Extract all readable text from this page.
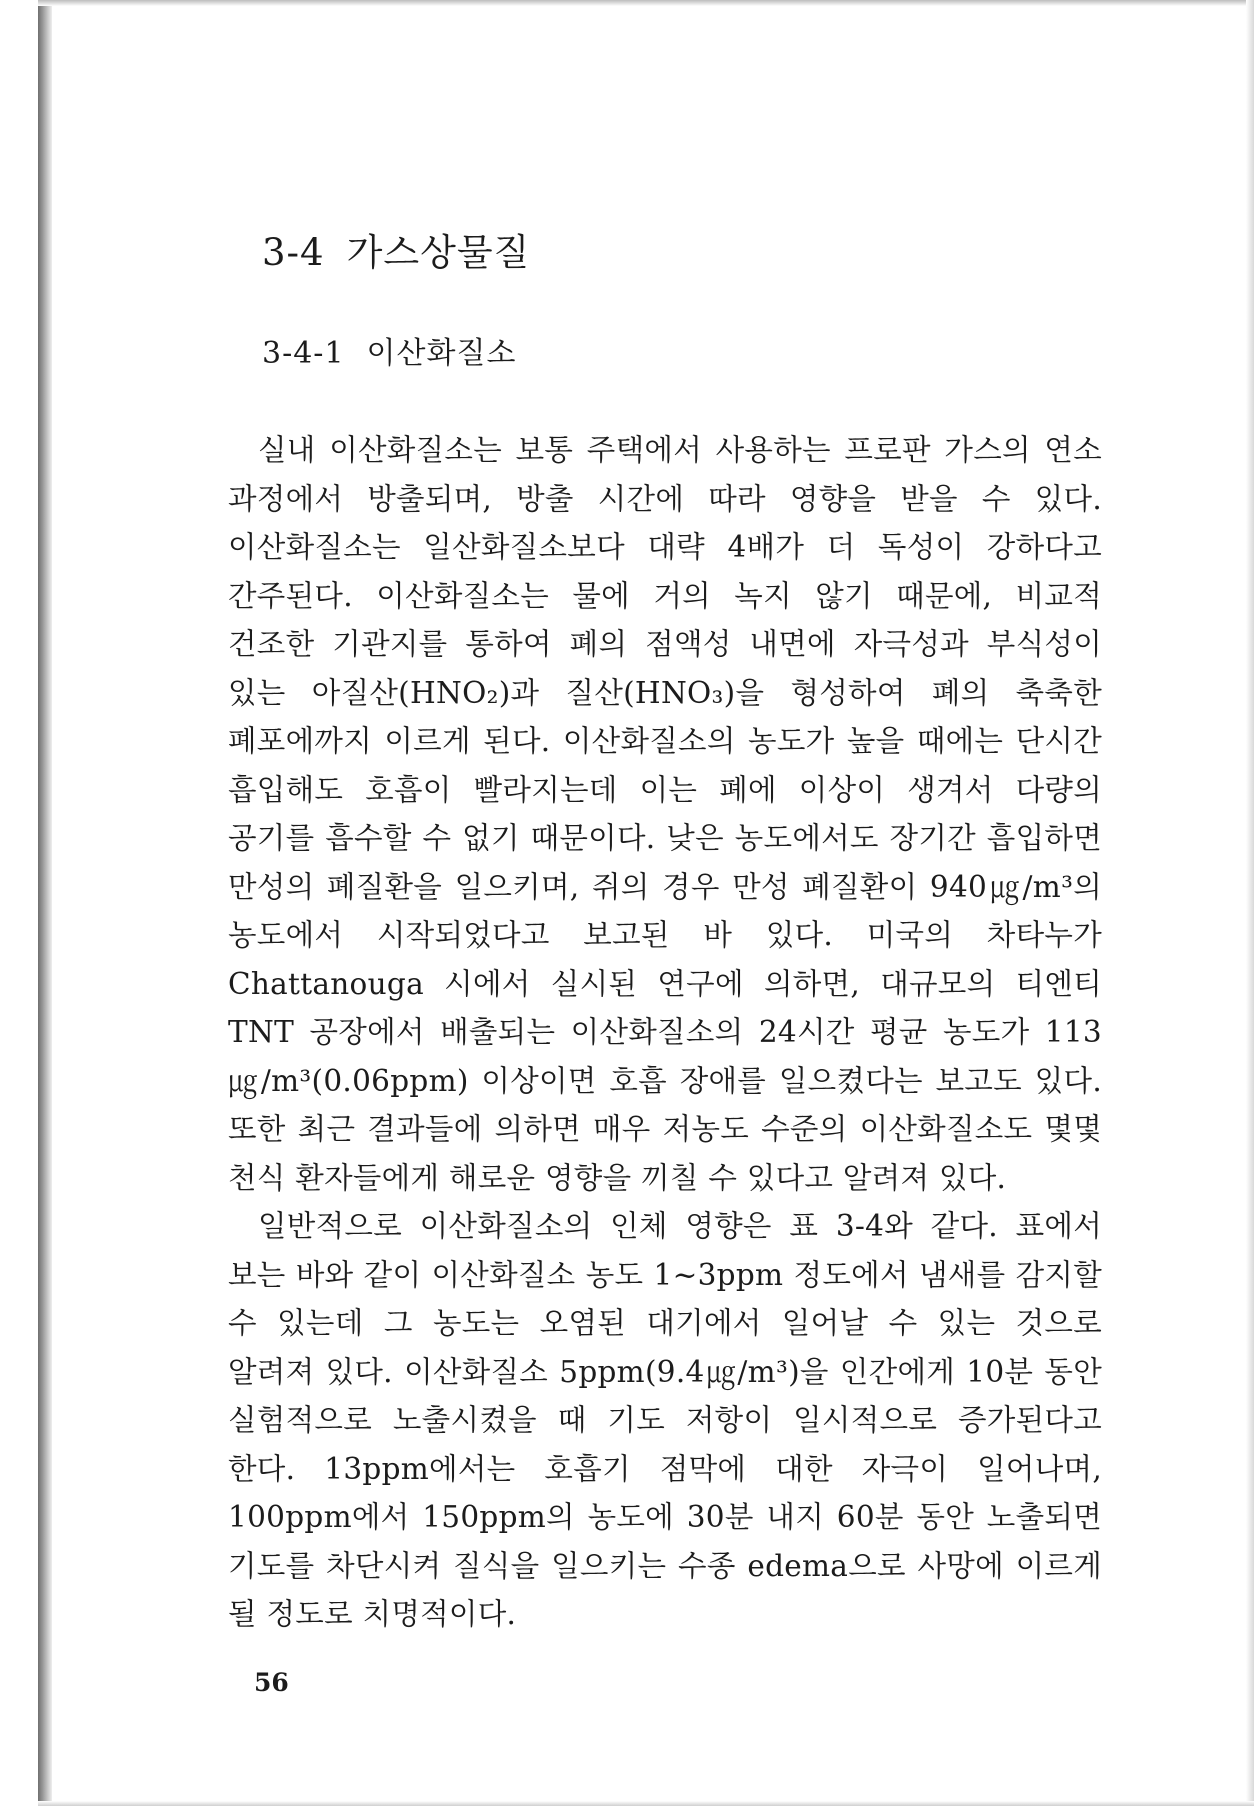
3-4 가스상물질
3-4-1 이산화질소

실내 이산화질소는 보통 주택에서 사용하는 프로판 가스의 연소 과정에서 방출되며, 방출 시간에 따라 영향을 받을 수 있다. 이산화질소는 일산화질소보다 대략 4배가 더 독성이 강하다고 간주된다. 이산화질소는 물에 거의 녹지 않기 때문에, 비교적 건조한 기관지를 통하여 폐의 점액성 내면에 자극성과 부식성이 있는 아질산(HNO₂)과 질산(HNO₃)을 형성하여 폐의 축축한 폐포에까지 이르게 된다. 이산화질소의 농도가 높을 때에는 단시간 흡입해도 호흡이 빨라지는데 이는 폐에 이상이 생겨서 다량의 공기를 흡수할 수 없기 때문이다. 낮은 농도에서도 장기간 흡입하면 만성의 폐질환을 일으키며, 쥐의 경우 만성 폐질환이 940㎍/m³의 농도에서 시작되었다고 보고된 바 있다. 미국의 차타누가 Chattanouga 시에서 실시된 연구에 의하면, 대규모의 티엔티 TNT 공장에서 배출되는 이산화질소의 24시간 평균 농도가 113㎍/m³(0.06ppm) 이상이면 호흡 장애를 일으켰다는 보고도 있다. 또한 최근 결과들에 의하면 매우 저농도 수준의 이산화질소도 몇몇 천식 환자들에게 해로운 영향을 끼칠 수 있다고 알려져 있다.

일반적으로 이산화질소의 인체 영향은 표 3-4와 같다. 표에서 보는 바와 같이 이산화질소 농도 1~3ppm 정도에서 냄새를 감지할 수 있는데 그 농도는 오염된 대기에서 일어날 수 있는 것으로 알려져 있다. 이산화질소 5ppm(9.4㎍/m³)을 인간에게 10분 동안 실험적으로 노출시켰을 때 기도 저항이 일시적으로 증가된다고 한다. 13ppm에서는 호흡기 점막에 대한 자극이 일어나며, 100ppm에서 150ppm의 농도에 30분 내지 60분 동안 노출되면 기도를 차단시켜 질식을 일으키는 수종 edema으로 사망에 이르게 될 정도로 치명적이다.

56
